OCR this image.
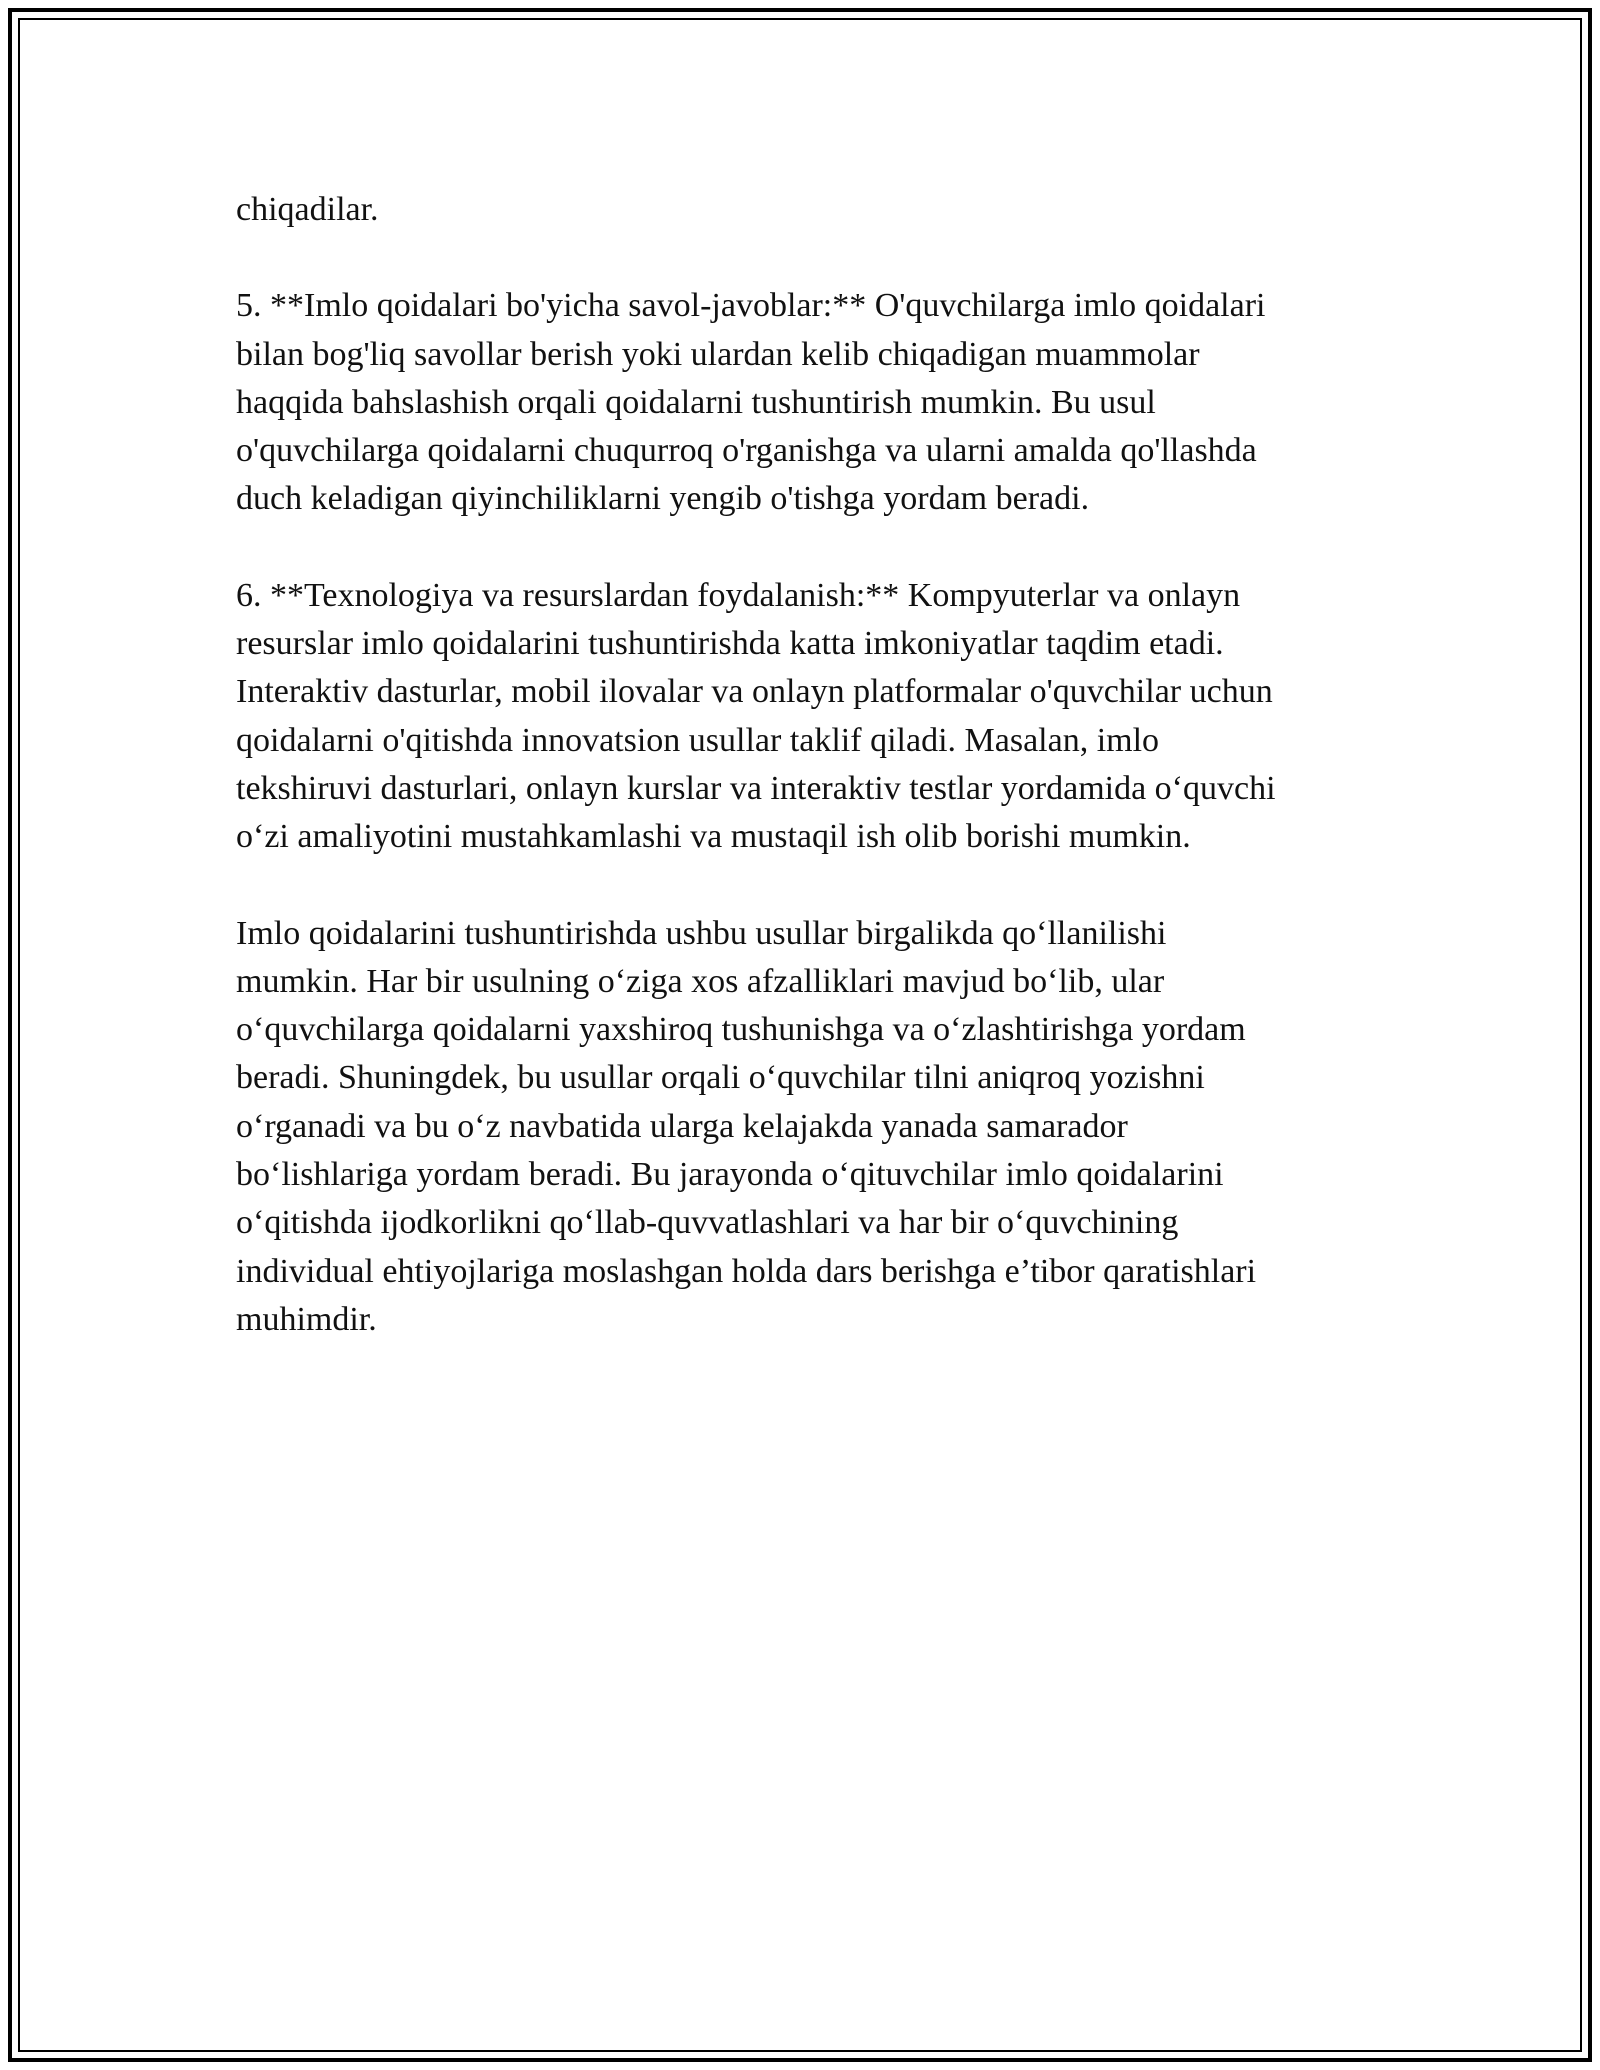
chiqadilar.

5. **Imlo qoidalari bo'yicha savol-javoblar:** O'quvchilarga imlo qoidalari
bilan bog'liq savollar berish yoki ulardan kelib chiqadigan muammolar
haqqida bahslashish orqali qoidalarni tushuntirish mumkin. Bu usul
o'quvchilarga qoidalarni chuqurroq o'rganishga va ularni amalda qo'llashda
duch keladigan qiyinchiliklarni yengib o'tishga yordam beradi.

6. **Texnologiya va resurslardan foydalanish:** Kompyuterlar va onlayn
resurslar imlo qoidalarini tushuntirishda katta imkoniyatlar taqdim etadi.
Interaktiv dasturlar, mobil ilovalar va onlayn platformalar o'quvchilar uchun
qoidalarni o'qitishda innovatsion usullar taklif qiladi. Masalan, imlo
tekshiruvi dasturlari, onlayn kurslar va interaktiv testlar yordamida o‘quvchi
o‘zi amaliyotini mustahkamlashi va mustaqil ish olib borishi mumkin.

Imlo qoidalarini tushuntirishda ushbu usullar birgalikda qo‘llanilishi
mumkin. Har bir usulning o‘ziga xos afzalliklari mavjud bo‘lib, ular
o‘quvchilarga qoidalarni yaxshiroq tushunishga va o‘zlashtirishga yordam
beradi. Shuningdek, bu usullar orqali o‘quvchilar tilni aniqroq yozishni
o‘rganadi va bu o‘z navbatida ularga kelajakda yanada samarador
bo‘lishlariga yordam beradi. Bu jarayonda o‘qituvchilar imlo qoidalarini
o‘qitishda ijodkorlikni qo‘llab-quvvatlashlari va har bir o‘quvchining
individual ehtiyojlariga moslashgan holda dars berishga e’tibor qaratishlari
muhimdir.
